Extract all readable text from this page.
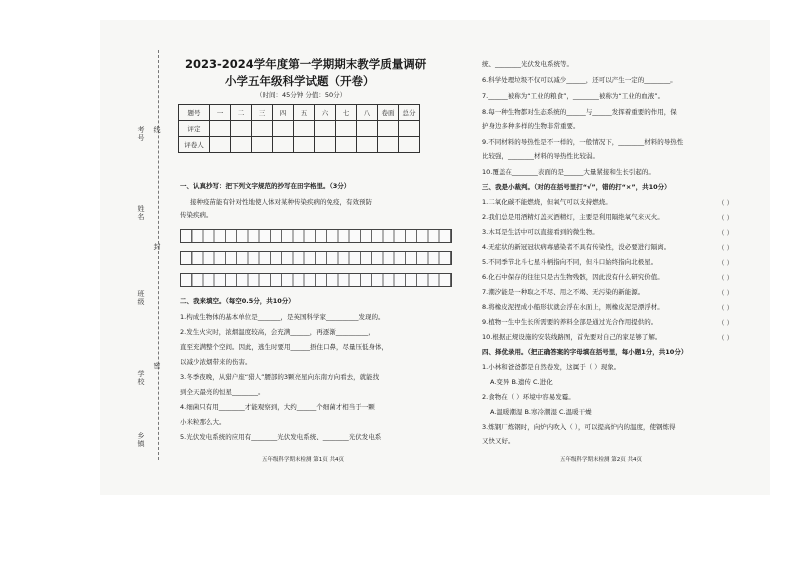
考号 线
姓名
封
班级
学校
密
乡镇
2023-2024学年度第一学期期末教学质量调研
小学五年级科学试题（开卷）
（时间：45分钟 分值：50分）
题号	一	二	三	四	五	六	七	八	卷面	总分
评定										
评卷人										
一、认真抄写：把下列文字规范的抄写在田字格里。（3分）
接种疫苗能有针对性地使人体对某种传染疾病的免疫，有效预防
传染疾病。
二、我来填空。（每空0.5分，共10分）
1.构成生物体的基本单位是_______，是英国科学家__________发现的。
2.发生火灾时，浓烟温度较高，会充满______，再逐渐__________，
直至充满整个空间。因此，逃生时要用______捂住口鼻，尽量压低身体，
以减少浓烟带来的伤害。
3.冬季夜晚，从猎户座“猎人”腰部的3颗亮星向东南方向看去，就能找
到全天最亮的恒星________。
4.细菌只有用________才能观察到，大约______个细菌才相当于一颗
小米粒那么大。
5.光伏发电系统的应用有________光伏发电系统、________光伏发电系
五年级科学期末检测 第1页 共4页
统、________光伏发电系统等。
6.科学处理垃圾不仅可以减少______，还可以产生一定的________。
7.______被称为“工业的粮食”，________被称为“工业的血液”。
8.每一种生物都对生态系统的______与______发挥着重要的作用，保
护身边多种多样的生物非常重要。
9.不同材料的导热性是不一样的，一般情况下，________材料的导热性
比较强，________材料的导热性比较弱。
10.覆盖在________表面的是______大量紧接和生长引起的。
三、我是小裁判。（对的在括号里打“√”，错的打“×”，共10分）
1.二氧化碳不能燃烧，但氧气可以支持燃烧。	（ ）
2.我们总是用酒精灯盖灭酒精灯，主要是利用隔绝氧气来灭火。	（ ）
3.木耳是生活中可以直接看到的微生物。	（ ）
4.无症状的新冠冠状病毒感染者不具有传染性，没必要进行隔离。	（ ）
5.不同季节北斗七星斗柄指向不同，但斗口始终指向北极星。	（ ）
6.化石中保存的往往只是古生物残骸，因此没有什么研究价值。	（ ）
7.潮汐能是一种取之不尽、用之不竭、无污染的新能源。	（ ）
8.将橡皮泥捏成小船形状就会浮在水面上，则橡皮泥是漂浮材。	（ ）
9.植物一生中生长所需要的养料全部是通过光合作用提供的。	（ ）
10.根据正规设施的安装线路图，首先要对自己的家足够了解。	（ ）
四、择优录用。（把正确答案的字母填在括号里，每小题1分，共10分）
1.小林和爸爸都是自然卷发，这属于（ ）现象。
A.变异 B.遗传 C.进化
2.食物在（ ）环境中容易发霉。
A.温暖潮湿 B.寒冷潮湿 C.温暖干燥
3.炼钢厂炼钢时，向炉内吹入（ ），可以提高炉内的温度，使钢炼得
又快又好。
五年级科学期末检测 第2页 共4页
